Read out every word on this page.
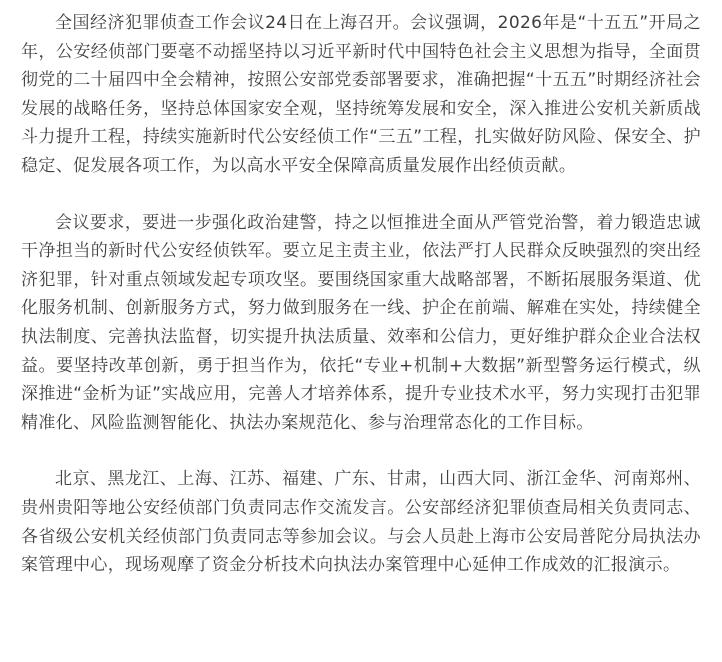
全国经济犯罪侦查工作会议24日在上海召开。会议强调，2026年是“十五五”开局之年，公安经侦部门要毫不动摇坚持以习近平新时代中国特色社会主义思想为指导，全面贯彻党的二十届四中全会精神，按照公安部党委部署要求，准确把握“十五五”时期经济社会发展的战略任务，坚持总体国家安全观，坚持统筹发展和安全，深入推进公安机关新质战斗力提升工程，持续实施新时代公安经侦工作“三五”工程，扎实做好防风险、保安全、护稳定、促发展各项工作，为以高水平安全保障高质量发展作出经侦贡献。

会议要求，要进一步强化政治建警，持之以恒推进全面从严管党治警，着力锻造忠诚干净担当的新时代公安经侦铁军。要立足主责主业，依法严打人民群众反映强烈的突出经济犯罪，针对重点领域发起专项攻坚。要围绕国家重大战略部署，不断拓展服务渠道、优化服务机制、创新服务方式，努力做到服务在一线、护企在前端、解难在实处，持续健全执法制度、完善执法监督，切实提升执法质量、效率和公信力，更好维护群众企业合法权益。要坚持改革创新，勇于担当作为，依托“专业+机制+大数据”新型警务运行模式，纵深推进“金析为证”实战应用，完善人才培养体系，提升专业技术水平，努力实现打击犯罪精准化、风险监测智能化、执法办案规范化、参与治理常态化的工作目标。

北京、黑龙江、上海、江苏、福建、广东、甘肃，山西大同、浙江金华、河南郑州、贵州贵阳等地公安经侦部门负责同志作交流发言。公安部经济犯罪侦查局相关负责同志、各省级公安机关经侦部门负责同志等参加会议。与会人员赴上海市公安局普陀分局执法办案管理中心，现场观摩了资金分析技术向执法办案管理中心延伸工作成效的汇报演示。
